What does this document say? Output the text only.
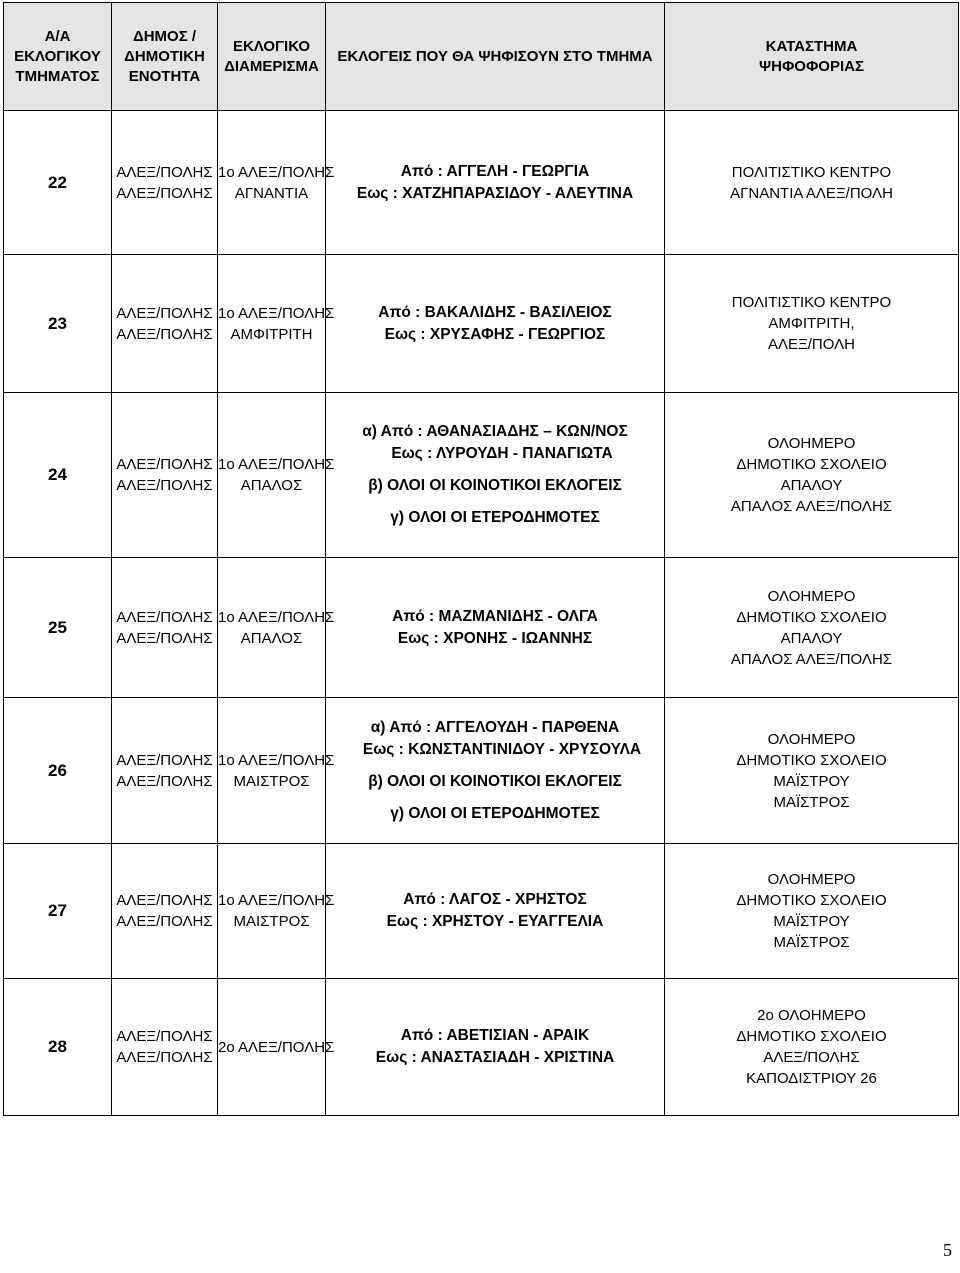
Α/Α
ΕΚΛΟΓΙΚΟΥ
ΤΜΗΜΑΤΟΣ	ΔΗΜΟΣ /
ΔΗΜΟΤΙΚΗ
ΕΝΟΤΗΤΑ	ΕΚΛΟΓΙΚΟ
ΔΙΑΜΕΡΙΣΜΑ	ΕΚΛΟΓΕΙΣ ΠΟΥ ΘΑ ΨΗΦΙΣΟΥΝ ΣΤΟ ΤΜΗΜΑ	ΚΑΤΑΣΤΗΜΑ
ΨΗΦΟΦΟΡΙΑΣ

22	ΑΛΕΞ/ΠΟΛΗΣ
ΑΛΕΞ/ΠΟΛΗΣ	1ο ΑΛΕΞ/ΠΟΛΗΣ
ΑΓΝΑΝΤΙΑ	Από : ΑΓΓΕΛΗ - ΓΕΩΡΓΙΑ
Εως : ΧΑΤΖΗΠΑΡΑΣΙΔΟΥ - ΑΛΕΥΤΙΝΑ	ΠΟΛΙΤΙΣΤΙΚΟ ΚΕΝΤΡΟ
ΑΓΝΑΝΤΙΑ ΑΛΕΞ/ΠΟΛΗ

23	ΑΛΕΞ/ΠΟΛΗΣ
ΑΛΕΞ/ΠΟΛΗΣ	1ο ΑΛΕΞ/ΠΟΛΗΣ
ΑΜΦΙΤΡΙΤΗ	Από : ΒΑΚΑΛΙΔΗΣ - ΒΑΣΙΛΕΙΟΣ
Εως : ΧΡΥΣΑΦΗΣ - ΓΕΩΡΓΙΟΣ	ΠΟΛΙΤΙΣΤΙΚΟ ΚΕΝΤΡΟ
ΑΜΦΙΤΡΙΤΗ,
ΑΛΕΞ/ΠΟΛΗ

24	ΑΛΕΞ/ΠΟΛΗΣ
ΑΛΕΞ/ΠΟΛΗΣ	1ο ΑΛΕΞ/ΠΟΛΗΣ
ΑΠΑΛΟΣ	α) Από : ΑΘΑΝΑΣΙΑΔΗΣ – ΚΩΝ/ΝΟΣ
Εως : ΛΥΡΟΥΔΗ - ΠΑΝΑΓΙΩΤΑ
β) ΟΛΟΙ ΟΙ ΚΟΙΝΟΤΙΚΟΙ ΕΚΛΟΓΕΙΣ
γ) ΟΛΟΙ ΟΙ ΕΤΕΡΟΔΗΜΟΤΕΣ	ΟΛΟΗΜΕΡΟ
ΔΗΜΟΤΙΚΟ ΣΧΟΛΕΙΟ
ΑΠΑΛΟΥ
ΑΠΑΛΟΣ ΑΛΕΞ/ΠΟΛΗΣ

25	ΑΛΕΞ/ΠΟΛΗΣ
ΑΛΕΞ/ΠΟΛΗΣ	1ο ΑΛΕΞ/ΠΟΛΗΣ
ΑΠΑΛΟΣ	Από : ΜΑΖΜΑΝΙΔΗΣ - ΟΛΓΑ
Εως : ΧΡΟΝΗΣ - ΙΩΑΝΝΗΣ	ΟΛΟΗΜΕΡΟ
ΔΗΜΟΤΙΚΟ ΣΧΟΛΕΙΟ
ΑΠΑΛΟΥ
ΑΠΑΛΟΣ ΑΛΕΞ/ΠΟΛΗΣ

26	ΑΛΕΞ/ΠΟΛΗΣ
ΑΛΕΞ/ΠΟΛΗΣ	1ο ΑΛΕΞ/ΠΟΛΗΣ
ΜΑΙΣΤΡΟΣ	α) Από : ΑΓΓΕΛΟΥΔΗ - ΠΑΡΘΕΝΑ
Εως : ΚΩΝΣΤΑΝΤΙΝΙΔΟΥ - ΧΡΥΣΟΥΛΑ
β) ΟΛΟΙ ΟΙ ΚΟΙΝΟΤΙΚΟΙ ΕΚΛΟΓΕΙΣ
γ) ΟΛΟΙ ΟΙ ΕΤΕΡΟΔΗΜΟΤΕΣ	ΟΛΟΗΜΕΡΟ
ΔΗΜΟΤΙΚΟ ΣΧΟΛΕΙΟ
ΜΑΪΣΤΡΟΥ
ΜΑΪΣΤΡΟΣ

27	ΑΛΕΞ/ΠΟΛΗΣ
ΑΛΕΞ/ΠΟΛΗΣ	1ο ΑΛΕΞ/ΠΟΛΗΣ
ΜΑΙΣΤΡΟΣ	Από : ΛΑΓΟΣ - ΧΡΗΣΤΟΣ
Εως : ΧΡΗΣΤΟΥ - ΕΥΑΓΓΕΛΙΑ	ΟΛΟΗΜΕΡΟ
ΔΗΜΟΤΙΚΟ ΣΧΟΛΕΙΟ
ΜΑΪΣΤΡΟΥ
ΜΑΪΣΤΡΟΣ

28	ΑΛΕΞ/ΠΟΛΗΣ
ΑΛΕΞ/ΠΟΛΗΣ	2ο ΑΛΕΞ/ΠΟΛΗΣ	Από : ΑΒΕΤΙΣΙΑΝ - ΑΡΑΙΚ
Εως : ΑΝΑΣΤΑΣΙΑΔΗ - ΧΡΙΣΤΙΝΑ	2ο ΟΛΟΗΜΕΡΟ
ΔΗΜΟΤΙΚΟ ΣΧΟΛΕΙΟ
ΑΛΕΞ/ΠΟΛΗΣ
ΚΑΠΟΔΙΣΤΡΙΟΥ 26
5
